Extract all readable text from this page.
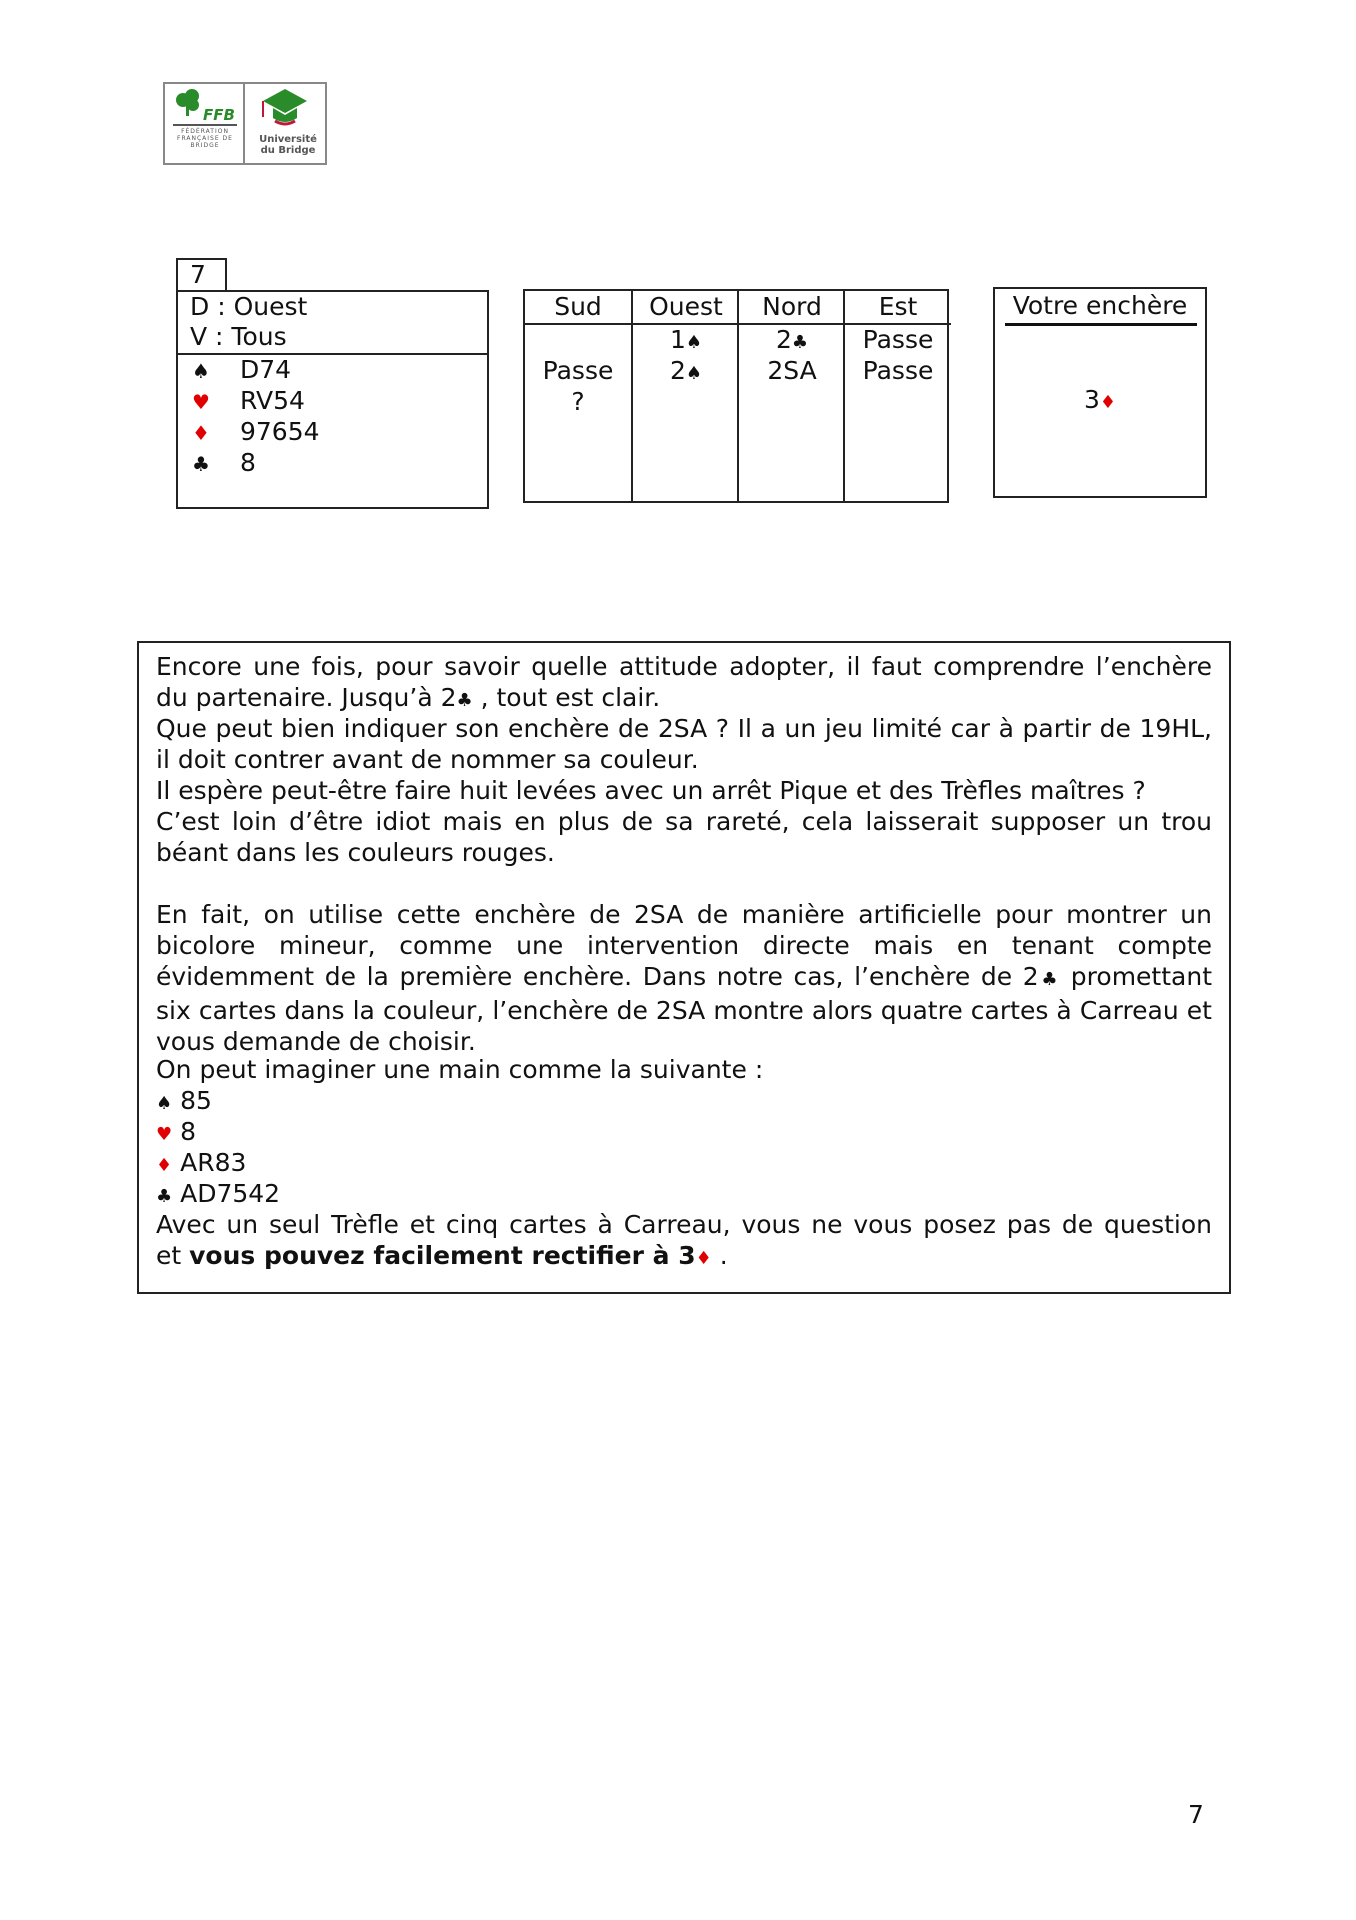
FFB
FÉDÉRATION FRANÇAISE DE BRIDGE
Université du Bridge
7
D : Ouest
V : Tous
♠ D74
♥ RV54
♦ 97654
♣ 8
Sud
Passe
?
Ouest
1♠
2♠
Nord
2♣
2SA
Est
Passe
Passe
Votre enchère
3♦
Encore une fois, pour savoir quelle attitude adopter, il faut comprendre l’enchère
du partenaire. Jusqu’à 2♣ , tout est clair.
Que peut bien indiquer son enchère de 2SA ? Il a un jeu limité car à partir de 19HL, il doit contrer avant de nommer sa couleur.
Il espère peut-être faire huit levées avec un arrêt Pique et des Trèfles maîtres ?
C’est loin d’être idiot mais en plus de sa rareté, cela laisserait supposer un trou béant dans les couleurs rouges.
En fait, on utilise cette enchère de 2SA de manière artificielle pour montrer un bicolore mineur, comme une intervention directe mais en tenant compte évidemment de la première enchère. Dans notre cas, l’enchère de 2♣ promettant six cartes dans la couleur, l’enchère de 2SA montre alors quatre cartes à Carreau et vous demande de choisir.
On peut imaginer une main comme la suivante :
♠ 85
♥ 8
♦ AR83
♣ AD7542
Avec un seul Trèfle et cinq cartes à Carreau, vous ne vous posez pas de question
et vous pouvez facilement rectifier à 3♦ .
7
